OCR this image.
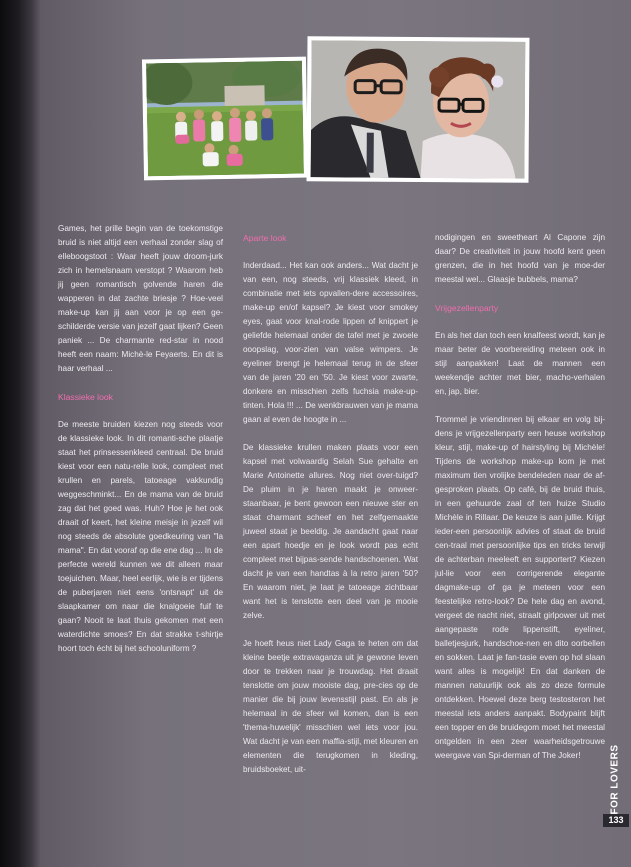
Games, het prille begin van de toekomstige bruid is niet altijd een verhaal zonder slag of elleboogstoot : Waar heeft jouw droom-jurk zich in hemelsnaam verstopt ? Waarom heb jij geen romantisch golvende haren die wapperen in dat zachte briesje ? Hoe-veel make-up kan jij aan voor je op een ge-schilderde versie van jezelf gaat lijken? Geen paniek ... De charmante red-star in nood heeft een naam: Michè-le Feyaerts. En dit is haar verhaal ...

Klassieke look

De meeste bruiden kiezen nog steeds voor de klassieke look. In dit romanti-sche plaatje staat het prinsessenkleed centraal. De bruid kiest voor een natu-relle look, compleet met krullen en parels, tatoeage vakkundig weggeschminkt... En de mama van de bruid zag dat het goed was. Huh? Hoe je het ook draait of keert, het kleine meisje in jezelf wil nog steeds de absolute goedkeuring van "la mama". En dat vooraf op die ene dag ... In de perfecte wereld kunnen we dit alleen maar toejuichen. Maar, heel eerlijk, wie is er tijdens de puberjaren niet eens 'ontsnapt' uit de slaapkamer om naar die knalgoeie fuif te gaan? Nooit te laat thuis gekomen met een waterdichte smoes? En dat strakke t-shirtje hoort toch écht bij het schooluniform ?

Aparte look

Inderdaad... Het kan ook anders... Wat dacht je van een, nog steeds, vrij klassiek kleed, in combinatie met iets opvallen-dere accessoires, make-up en/of kapsel? Je kiest voor smokey eyes, gaat voor knal-rode lippen of knippert je geliefde helemaal onder de tafel met je zwoele ooopslag, voor-zien van valse wimpers. Je eyeliner brengt je helemaal terug in de sfeer van de jaren '20 en '50. Je kiest voor zwarte, donkere en misschien zelfs fuchsia make-up-tinten. Hola !!! ... De wenkbrauwen van je mama gaan al even de hoogte in ...

De klassieke krullen maken plaats voor een kapsel met volwaardig Selah Sue gehalte en Marie Antoinette allures. Nog niet over-tuigd? De pluim in je haren maakt je onweer-staanbaar, je bent gewoon een nieuwe ster en staat charmant scheef en het zelfgemaakte juweel staat je beeldig. Je aandacht gaat naar een apart hoedje en je look wordt pas echt compleet met bijpas-sende handschoenen. Wat dacht je van een handtas à la retro jaren '50? En waarom niet, je laat je tatoeage zichtbaar want het is tenslotte een deel van je mooie zelve.

Je hoeft heus niet Lady Gaga te heten om dat kleine beetje extravaganza uit je gewone leven door te trekken naar je trouwdag. Het draait tenslotte om jouw mooiste dag, pre-cies op de manier die bij jouw levensstijl past. En als je helemaal in de sfeer wil komen, dan is een 'thema-huwelijk' misschien wel iets voor jou. Wat dacht je van een maffia-stijl, met kleuren en elementen die terugkomen in kleding, bruidsboeket, uit-

nodigingen en sweetheart Al Capone zijn daar? De creativiteit in jouw hoofd kent geen grenzen, die in het hoofd van je moe-der meestal wel... Glaasje bubbels, mama?

Vrijgezellenparty

En als het dan toch een knalfeest wordt, kan je maar beter de voorbereiding meteen ook in stijl aanpakken! Laat de mannen een weekendje achter met bier, macho-verhalen en, jap, bier.

Trommel je vriendinnen bij elkaar en volg bij-dens je vrijgezellenparty een heuse workshop kleur, stijl, make-up of hairstyling bij Michèle! Tijdens de workshop make-up kom je met maximum tien vrolijke bendeleden naar de af-gesproken plaats. Op café, bij de bruid thuis, in een gehuurde zaal of ten huize Studio Michèle in Rillaar. De keuze is aan jullie. Krijgt ieder-een persoonlijk advies of staat de bruid cen-traal met persoonlijke tips en tricks terwijl de achterban meeleeft en supportert? Kiezen jul-lie voor een corrigerende elegante dagmake-up of ga je meteen voor een feestelijke retro-look? De hele dag en avond, vergeet de nacht niet, straalt girlpower uit met aangepaste rode lippenstift, eyeliner, balletjesjurk, handschoe-nen en dito oorbellen en sokken. Laat je fan-tasie even op hol slaan want alles is mogelijk! En dat danken de mannen natuurlijk ook als zo deze formule ontdekken. Hoewel deze berg testosteron het meestal iets anders aanpakt. Bodypaint blijft een topper en de bruidegom moet het meestal ontgelden in een zeer waarheidsgetrouwe weergave van Spi-derman of The Joker!	FOR LOVERS
133
